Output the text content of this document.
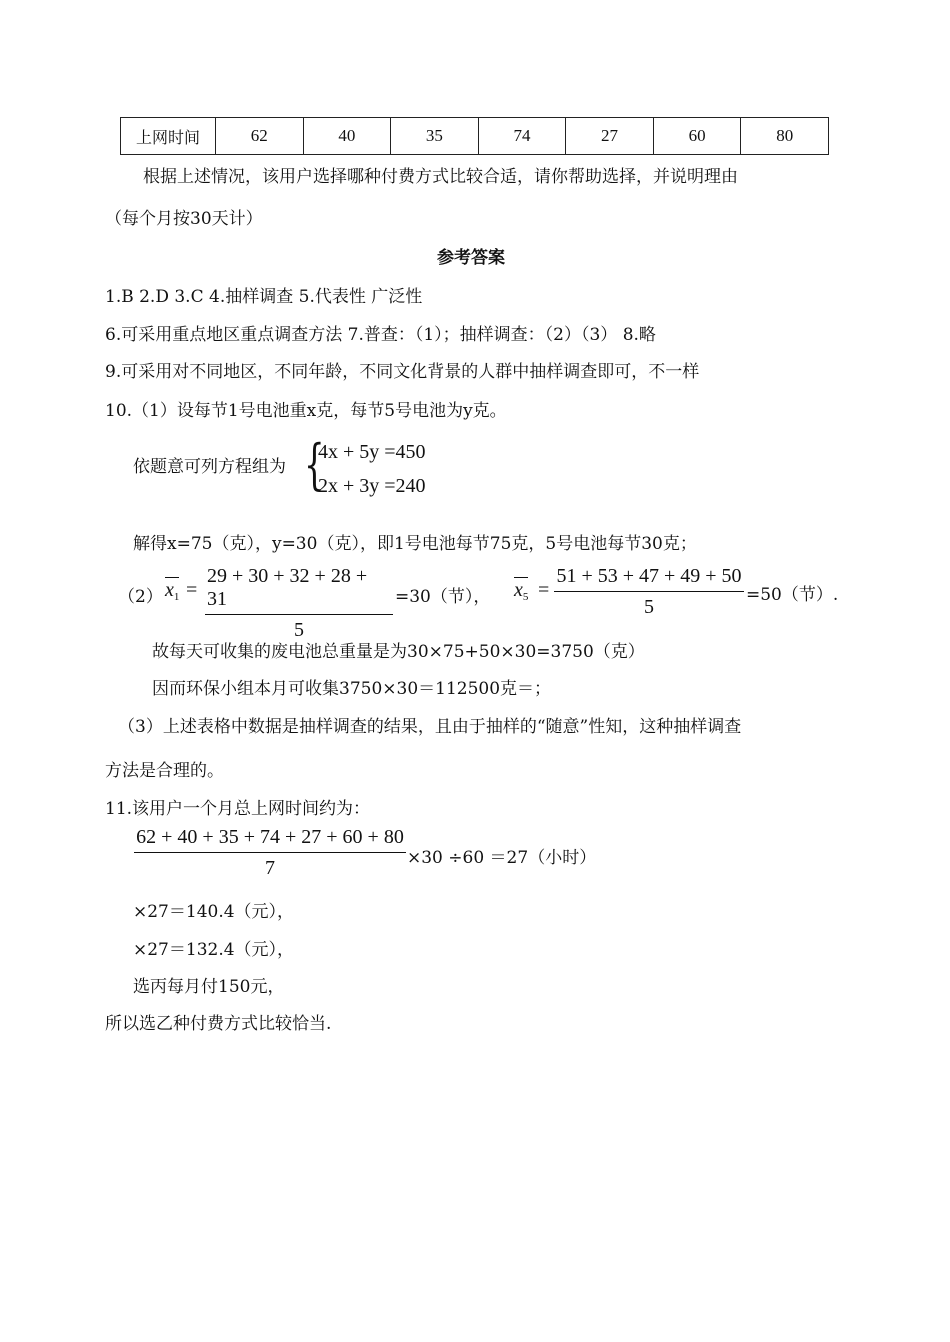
上网时间	62	40	35	74	27	60	80
根据上述情况，该用户选择哪种付费方式比较合适，请你帮助选择，并说明理由
（每个月按30天计）
参考答案
1.B 2.D 3.C 4.抽样调查 5.代表性 广泛性
6.可采用重点地区重点调查方法 7.普查：（1）；抽样调查：（2）（3） 8.略
9.可采用对不同地区，不同年龄，不同文化背景的人群中抽样调查即可，不一样
10.（1）设每节1号电池重x克，每节5号电池为y克。
依题意可列方程组为 {
4x + 5y =450
2x + 3y =240
解得x=75（克），y=30（克），即1号电池每节75克，5号电池每节30克；
（2） $x_1 = \frac{29 + 30 + 32 + 28 + 31}{5} =30$（节）， $x_5 = \frac{51 + 53 + 47 + 49 + 50}{5} =50$（节）.
故每天可收集的废电池总重量是为30×75+50×30=3750（克）
因而环保小组本月可收集3750×30＝112500克＝；
（3）上述表格中数据是抽样调查的结果，且由于抽样的“随意”性知，这种抽样调查
方法是合理的。
11.该用户一个月总上网时间约为：
$\frac{62 + 40 + 35 + 74 + 27 + 60 + 80}{7} \times 30 \div 60 =27$（小时）
×27＝140.4（元），
×27＝132.4（元），
选丙每月付150元，
所以选乙种付费方式比较恰当.
